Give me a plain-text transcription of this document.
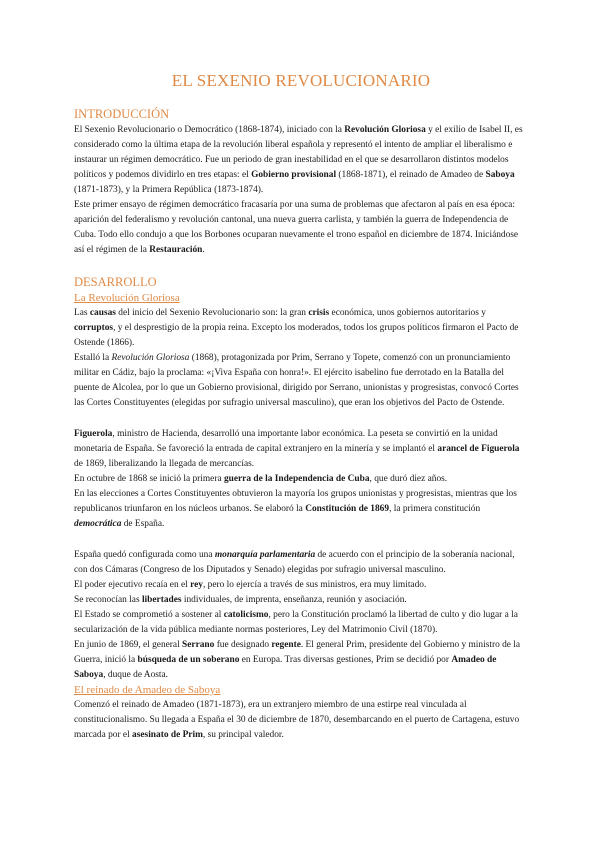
EL SEXENIO REVOLUCIONARIO
INTRODUCCIÓN

El Sexenio Revolucionario o Democrático (1868-1874), iniciado con la Revolución Gloriosa y el exilio de Isabel II, es considerado como la última etapa de la revolución liberal española y representó el intento de ampliar el liberalismo e instaurar un régimen democrático. Fue un periodo de gran inestabilidad en el que se desarrollaron distintos modelos políticos y podemos dividirlo en tres etapas: el Gobierno provisional (1868-1871), el reinado de Amadeo de Saboya (1871-1873), y la Primera República (1873-1874).

Este primer ensayo de régimen democrático fracasaría por una suma de problemas que afectaron al país en esa época: aparición del federalismo y revolución cantonal, una nueva guerra carlista, y también la guerra de Independencia de Cuba. Todo ello condujo a que los Borbones ocuparan nuevamente el trono español en diciembre de 1874. Iniciándose así el régimen de la Restauración.

DESARROLLO
La Revolución Gloriosa

Las causas del inicio del Sexenio Revolucionario son: la gran crisis económica, unos gobiernos autoritarios y corruptos, y el desprestigio de la propia reina. Excepto los moderados, todos los grupos políticos firmaron el Pacto de Ostende (1866).

Estalló la Revolución Gloriosa (1868), protagonizada por Prim, Serrano y Topete, comenzó con un pronunciamiento militar en Cádiz, bajo la proclama: «¡Viva España con honra!». El ejército isabelino fue derrotado en la Batalla del puente de Alcolea, por lo que un Gobierno provisional, dirigido por Serrano, unionistas y progresistas, convocó Cortes las Cortes Constituyentes (elegidas por sufragio universal masculino), que eran los objetivos del Pacto de Ostende.

Figuerola, ministro de Hacienda, desarrolló una importante labor económica. La peseta se convirtió en la unidad monetaria de España. Se favoreció la entrada de capital extranjero en la minería y se implantó el arancel de Figuerola de 1869, liberalizando la llegada de mercancías.

En octubre de 1868 se inició la primera guerra de la Independencia de Cuba, que duró diez años.

En las elecciones a Cortes Constituyentes obtuvieron la mayoría los grupos unionistas y progresistas, mientras que los republicanos triunfaron en los núcleos urbanos. Se elaboró la Constitución de 1869, la primera constitución democrática de España.

España quedó configurada como una monarquía parlamentaria de acuerdo con el principio de la soberanía nacional, con dos Cámaras (Congreso de los Diputados y Senado) elegidas por sufragio universal masculino.

El poder ejecutivo recaía en el rey, pero lo ejercía a través de sus ministros, era muy limitado.

Se reconocían las libertades individuales, de imprenta, enseñanza, reunión y asociación.

El Estado se comprometió a sostener al catolicismo, pero la Constitución proclamó la libertad de culto y dio lugar a la secularización de la vida pública mediante normas posteriores, Ley del Matrimonio Civil (1870).

En junio de 1869, el general Serrano fue designado regente. El general Prim, presidente del Gobierno y ministro de la Guerra, inició la búsqueda de un soberano en Europa. Tras diversas gestiones, Prim se decidió por Amadeo de Saboya, duque de Aosta.

El reinado de Amadeo de Saboya

Comenzó el reinado de Amadeo (1871-1873), era un extranjero miembro de una estirpe real vinculada al constitucionalismo. Su llegada a España el 30 de diciembre de 1870, desembarcando en el puerto de Cartagena, estuvo marcada por el asesinato de Prim, su principal valedor.
